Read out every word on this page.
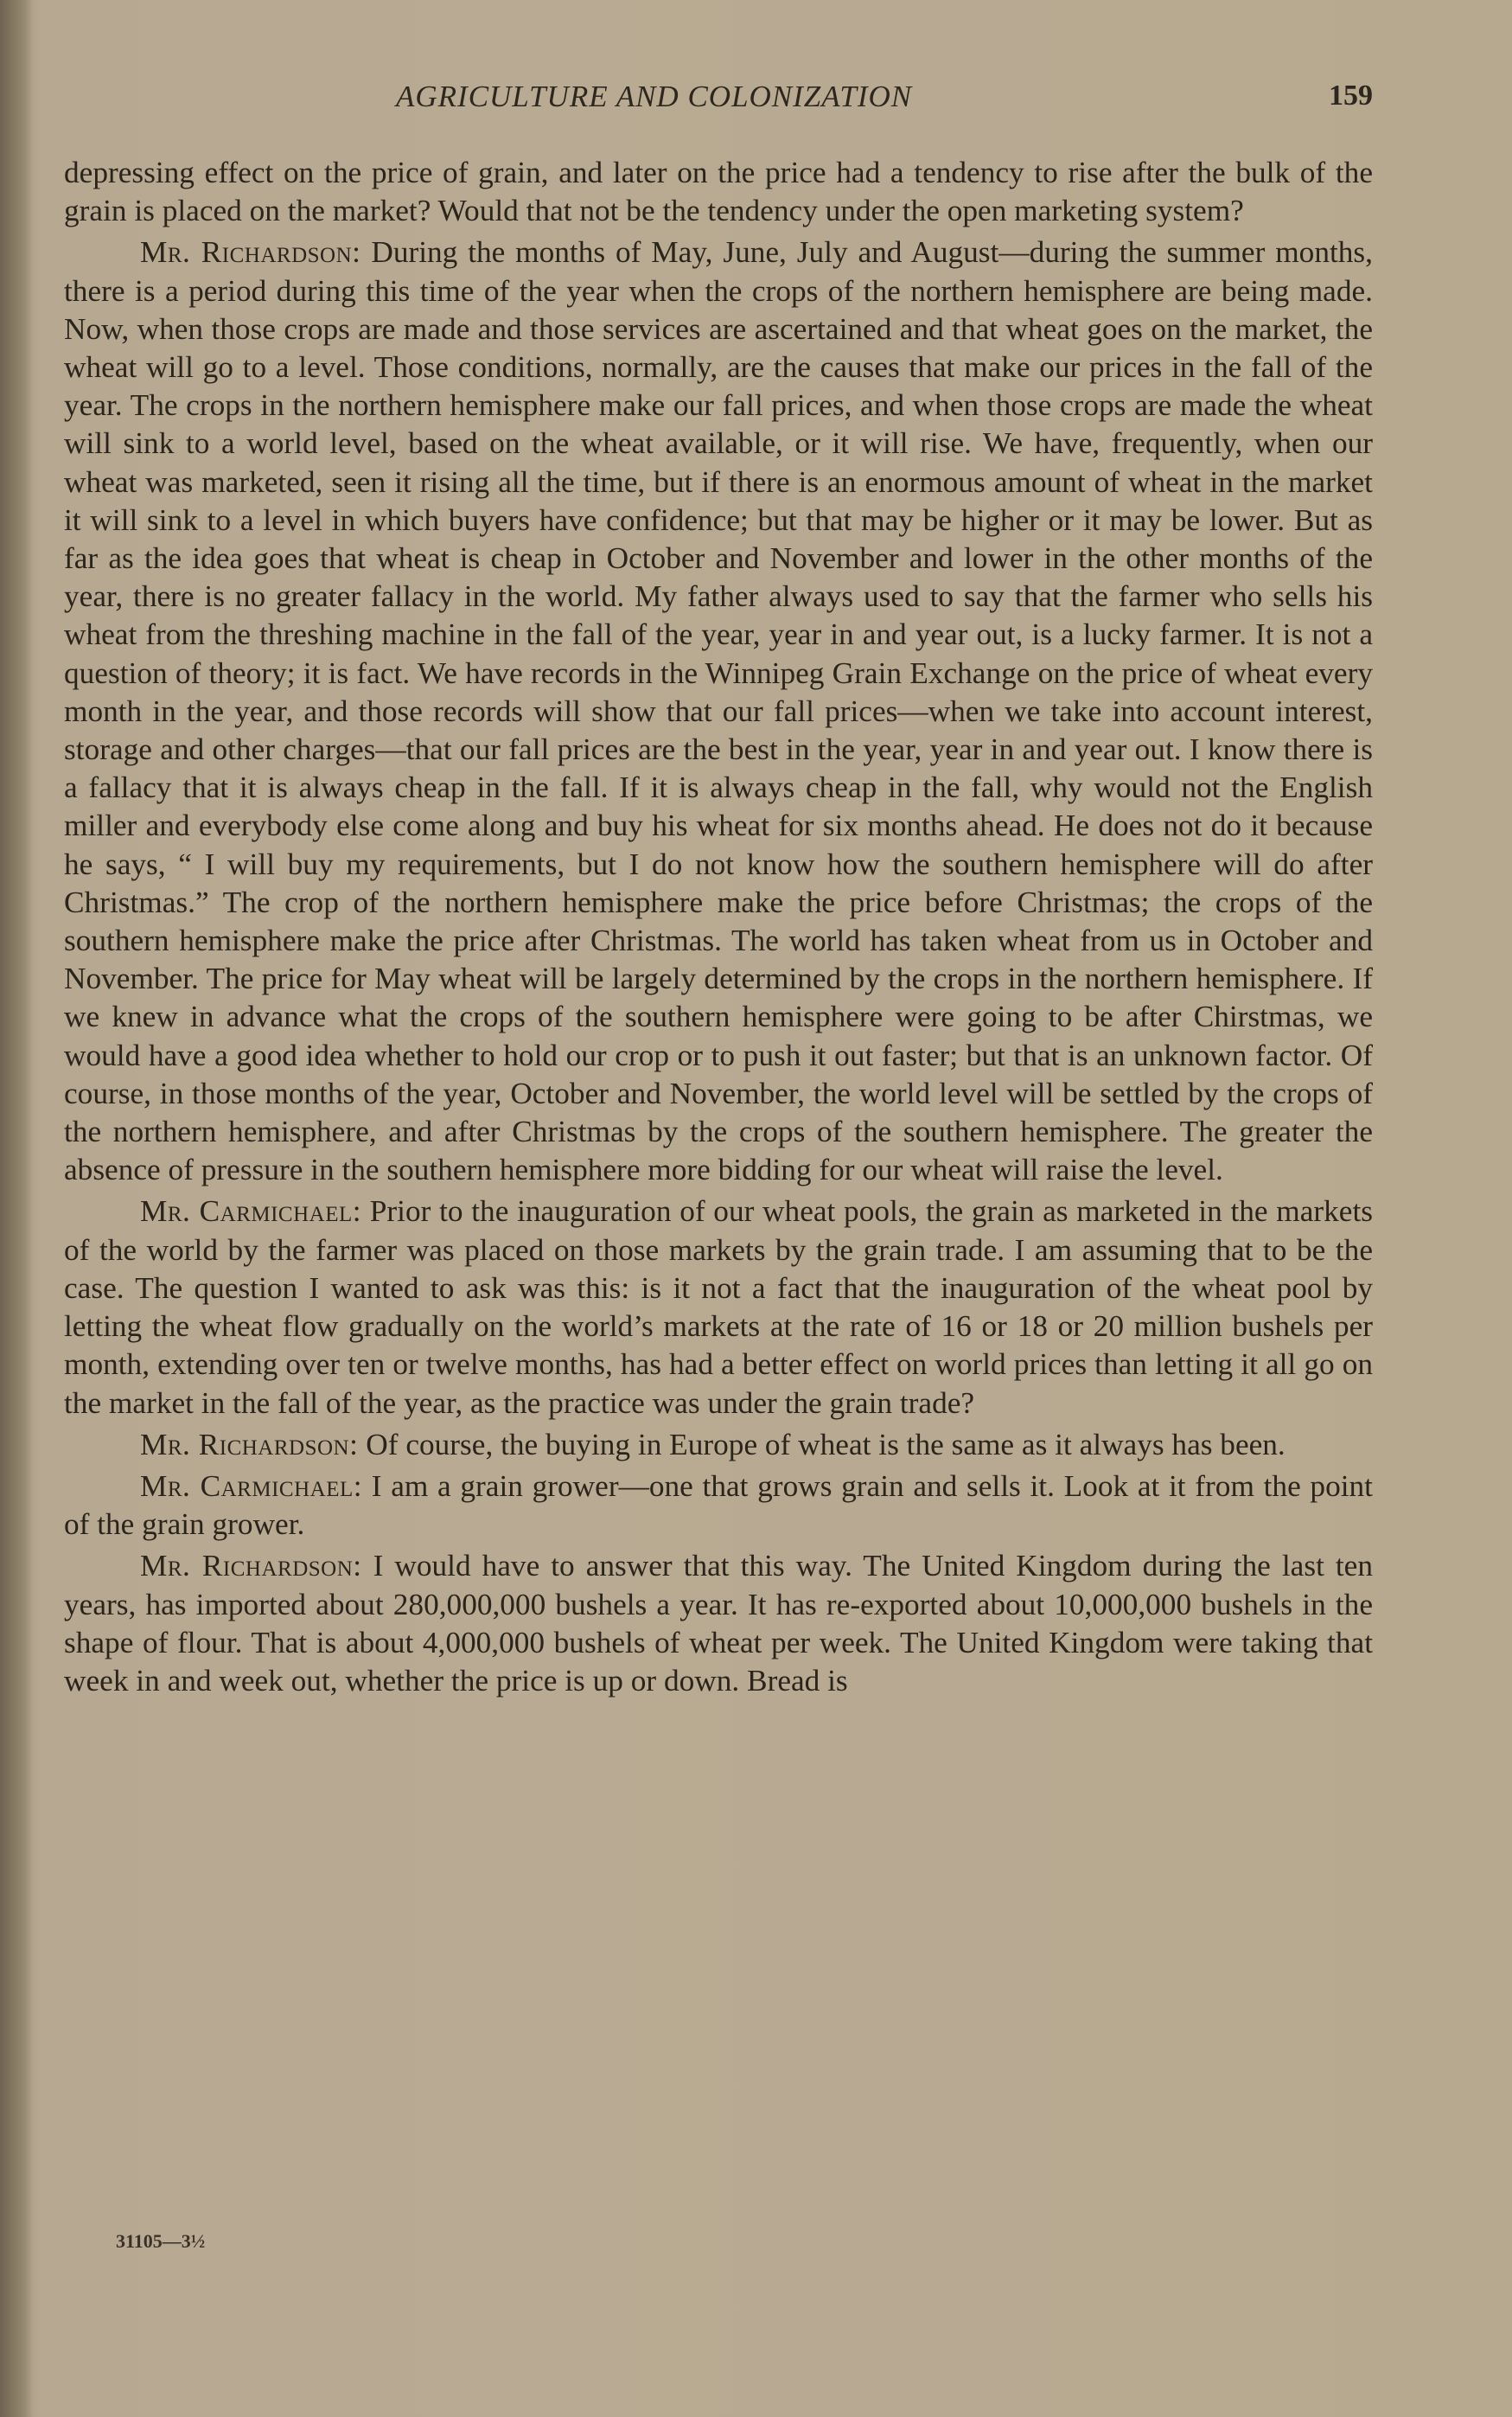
AGRICULTURE AND COLONIZATION	159

depressing effect on the price of grain, and later on the price had a tendency to rise after the bulk of the grain is placed on the market? Would that not be the tendency under the open marketing system?

Mr. Richardson: During the months of May, June, July and August—during the summer months, there is a period during this time of the year when the crops of the northern hemisphere are being made. Now, when those crops are made and those services are ascertained and that wheat goes on the market, the wheat will go to a level. Those conditions, normally, are the causes that make our prices in the fall of the year. The crops in the northern hemisphere make our fall prices, and when those crops are made the wheat will sink to a world level, based on the wheat available, or it will rise. We have, frequently, when our wheat was marketed, seen it rising all the time, but if there is an enormous amount of wheat in the market it will sink to a level in which buyers have confidence; but that may be higher or it may be lower. But as far as the idea goes that wheat is cheap in October and November and lower in the other months of the year, there is no greater fallacy in the world. My father always used to say that the farmer who sells his wheat from the threshing machine in the fall of the year, year in and year out, is a lucky farmer. It is not a question of theory; it is fact. We have records in the Winnipeg Grain Exchange on the price of wheat every month in the year, and those records will show that our fall prices—when we take into account interest, storage and other charges—that our fall prices are the best in the year, year in and year out. I know there is a fallacy that it is always cheap in the fall. If it is always cheap in the fall, why would not the English miller and everybody else come along and buy his wheat for six months ahead. He does not do it because he says, “ I will buy my requirements, but I do not know how the southern hemisphere will do after Christmas.” The crop of the northern hemisphere make the price before Christmas; the crops of the southern hemisphere make the price after Christmas. The world has taken wheat from us in October and November. The price for May wheat will be largely determined by the crops in the northern hemisphere. If we knew in advance what the crops of the southern hemisphere were going to be after Chirstmas, we would have a good idea whether to hold our crop or to push it out faster; but that is an unknown factor. Of course, in those months of the year, October and November, the world level will be settled by the crops of the northern hemisphere, and after Christmas by the crops of the southern hemisphere. The greater the absence of pressure in the southern hemisphere more bidding for our wheat will raise the level.

Mr. Carmichael: Prior to the inauguration of our wheat pools, the grain as marketed in the markets of the world by the farmer was placed on those markets by the grain trade. I am assuming that to be the case. The question I wanted to ask was this: is it not a fact that the inauguration of the wheat pool by letting the wheat flow gradually on the world’s markets at the rate of 16 or 18 or 20 million bushels per month, extending over ten or twelve months, has had a better effect on world prices than letting it all go on the market in the fall of the year, as the practice was under the grain trade?

Mr. Richardson: Of course, the buying in Europe of wheat is the same as it always has been.

Mr. Carmichael: I am a grain grower—one that grows grain and sells it. Look at it from the point of the grain grower.

Mr. Richardson: I would have to answer that this way. The United Kingdom during the last ten years, has imported about 280,000,000 bushels a year. It has re-exported about 10,000,000 bushels in the shape of flour. That is about 4,000,000 bushels of wheat per week. The United Kingdom were taking that week in and week out, whether the price is up or down. Bread is

31105—3½
